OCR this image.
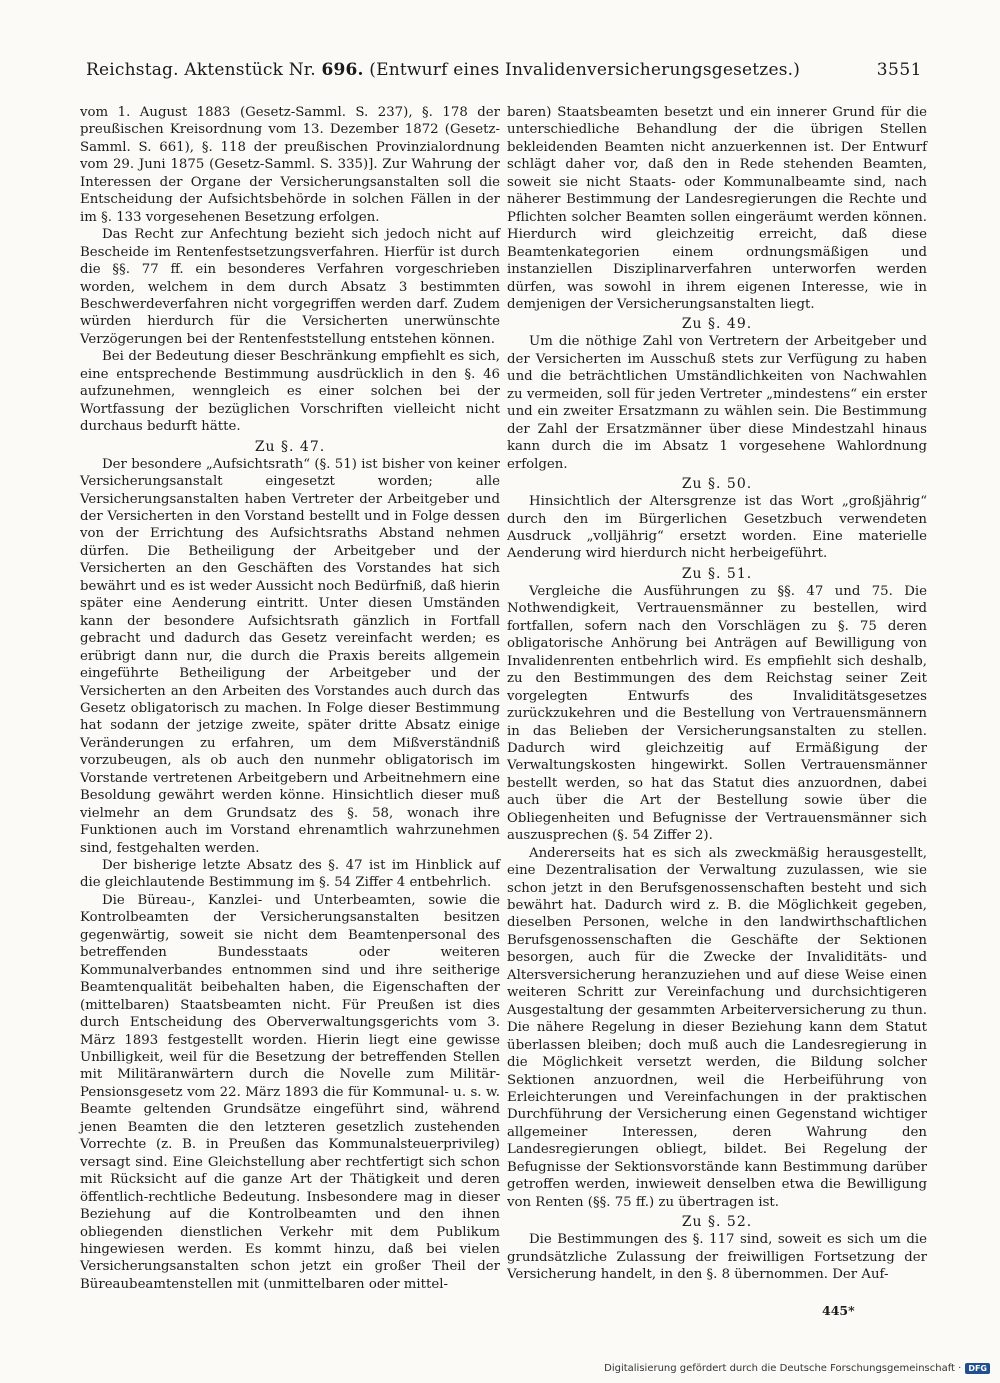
Reichstag. Aktenstück Nr. 696. (Entwurf eines Invalidenversicherungsgesetzes.)	3551

vom 1. August 1883 (Gesetz-Samml. S. 237), §. 178 der preußischen Kreisordnung vom 13. Dezember 1872 (Gesetz-Samml. S. 661), §. 118 der preußischen Provinzialordnung vom 29. Juni 1875 (Gesetz-Samml. S. 335)]. Zur Wahrung der Interessen der Organe der Versicherungsanstalten soll die Entscheidung der Aufsichtsbehörde in solchen Fällen in der im §. 133 vorgesehenen Besetzung erfolgen.

Das Recht zur Anfechtung bezieht sich jedoch nicht auf Bescheide im Rentenfestsetzungsverfahren. Hierfür ist durch die §§. 77 ff. ein besonderes Verfahren vorgeschrieben worden, welchem in dem durch Absatz 3 bestimmten Beschwerdeverfahren nicht vorgegriffen werden darf. Zudem würden hierdurch für die Versicherten unerwünschte Verzögerungen bei der Rentenfeststellung entstehen können.

Bei der Bedeutung dieser Beschränkung empfiehlt es sich, eine entsprechende Bestimmung ausdrücklich in den §. 46 aufzunehmen, wenngleich es einer solchen bei der Wortfassung der bezüglichen Vorschriften vielleicht nicht durchaus bedurft hätte.

Zu §. 47.

Der besondere „Aufsichtsrath“ (§. 51) ist bisher von keiner Versicherungsanstalt eingesetzt worden; alle Versicherungsanstalten haben Vertreter der Arbeitgeber und der Versicherten in den Vorstand bestellt und in Folge dessen von der Errichtung des Aufsichtsraths Abstand nehmen dürfen. Die Betheiligung der Arbeitgeber und der Versicherten an den Geschäften des Vorstandes hat sich bewährt und es ist weder Aussicht noch Bedürfniß, daß hierin später eine Aenderung eintritt. Unter diesen Umständen kann der besondere Aufsichtsrath gänzlich in Fortfall gebracht und dadurch das Gesetz vereinfacht werden; es erübrigt dann nur, die durch die Praxis bereits allgemein eingeführte Betheiligung der Arbeitgeber und der Versicherten an den Arbeiten des Vorstandes auch durch das Gesetz obligatorisch zu machen. In Folge dieser Bestimmung hat sodann der jetzige zweite, später dritte Absatz einige Veränderungen zu erfahren, um dem Mißverständniß vorzubeugen, als ob auch den nunmehr obligatorisch im Vorstande vertretenen Arbeitgebern und Arbeitnehmern eine Besoldung gewährt werden könne. Hinsichtlich dieser muß vielmehr an dem Grundsatz des §. 58, wonach ihre Funktionen auch im Vorstand ehrenamtlich wahrzunehmen sind, festgehalten werden.

Der bisherige letzte Absatz des §. 47 ist im Hinblick auf die gleichlautende Bestimmung im §. 54 Ziffer 4 entbehrlich.

Die Büreau-, Kanzlei- und Unterbeamten, sowie die Kontrolbeamten der Versicherungsanstalten besitzen gegenwärtig, soweit sie nicht dem Beamtenpersonal des betreffenden Bundesstaats oder weiteren Kommunalverbandes entnommen sind und ihre seitherige Beamtenqualität beibehalten haben, die Eigenschaften der (mittelbaren) Staatsbeamten nicht. Für Preußen ist dies durch Entscheidung des Oberverwaltungsgerichts vom 3. März 1893 festgestellt worden. Hierin liegt eine gewisse Unbilligkeit, weil für die Besetzung der betreffenden Stellen mit Militäranwärtern durch die Novelle zum Militär-Pensionsgesetz vom 22. März 1893 die für Kommunal- u. s. w. Beamte geltenden Grundsätze eingeführt sind, während jenen Beamten die den letzteren gesetzlich zustehenden Vorrechte (z. B. in Preußen das Kommunalsteuerprivileg) versagt sind. Eine Gleichstellung aber rechtfertigt sich schon mit Rücksicht auf die ganze Art der Thätigkeit und deren öffentlich-rechtliche Bedeutung. Insbesondere mag in dieser Beziehung auf die Kontrolbeamten und den ihnen obliegenden dienstlichen Verkehr mit dem Publikum hingewiesen werden. Es kommt hinzu, daß bei vielen Versicherungsanstalten schon jetzt ein großer Theil der Büreaubeamtenstellen mit (unmittelbaren oder mittel-

baren) Staatsbeamten besetzt und ein innerer Grund für die unterschiedliche Behandlung der die übrigen Stellen bekleidenden Beamten nicht anzuerkennen ist. Der Entwurf schlägt daher vor, daß den in Rede stehenden Beamten, soweit sie nicht Staats- oder Kommunalbeamte sind, nach näherer Bestimmung der Landesregierungen die Rechte und Pflichten solcher Beamten sollen eingeräumt werden können. Hierdurch wird gleichzeitig erreicht, daß diese Beamtenkategorien einem ordnungsmäßigen und instanziellen Disziplinarverfahren unterworfen werden dürfen, was sowohl in ihrem eigenen Interesse, wie in demjenigen der Versicherungsanstalten liegt.

Zu §. 49.

Um die nöthige Zahl von Vertretern der Arbeitgeber und der Versicherten im Ausschuß stets zur Verfügung zu haben und die beträchtlichen Umständlichkeiten von Nachwahlen zu vermeiden, soll für jeden Vertreter „mindestens“ ein erster und ein zweiter Ersatzmann zu wählen sein. Die Bestimmung der Zahl der Ersatzmänner über diese Mindestzahl hinaus kann durch die im Absatz 1 vorgesehene Wahlordnung erfolgen.

Zu §. 50.

Hinsichtlich der Altersgrenze ist das Wort „großjährig“ durch den im Bürgerlichen Gesetzbuch verwendeten Ausdruck „volljährig“ ersetzt worden. Eine materielle Aenderung wird hierdurch nicht herbeigeführt.

Zu §. 51.

Vergleiche die Ausführungen zu §§. 47 und 75. Die Nothwendigkeit, Vertrauensmänner zu bestellen, wird fortfallen, sofern nach den Vorschlägen zu §. 75 deren obligatorische Anhörung bei Anträgen auf Bewilligung von Invalidenrenten entbehrlich wird. Es empfiehlt sich deshalb, zu den Bestimmungen des dem Reichstag seiner Zeit vorgelegten Entwurfs des Invaliditätsgesetzes zurückzukehren und die Bestellung von Vertrauensmännern in das Belieben der Versicherungsanstalten zu stellen. Dadurch wird gleichzeitig auf Ermäßigung der Verwaltungskosten hingewirkt. Sollen Vertrauensmänner bestellt werden, so hat das Statut dies anzuordnen, dabei auch über die Art der Bestellung sowie über die Obliegenheiten und Befugnisse der Vertrauensmänner sich auszusprechen (§. 54 Ziffer 2).

Andererseits hat es sich als zweckmäßig herausgestellt, eine Dezentralisation der Verwaltung zuzulassen, wie sie schon jetzt in den Berufsgenossenschaften besteht und sich bewährt hat. Dadurch wird z. B. die Möglichkeit gegeben, dieselben Personen, welche in den landwirthschaftlichen Berufsgenossenschaften die Geschäfte der Sektionen besorgen, auch für die Zwecke der Invaliditäts- und Altersversicherung heranzuziehen und auf diese Weise einen weiteren Schritt zur Vereinfachung und durchsichtigeren Ausgestaltung der gesammten Arbeiterversicherung zu thun. Die nähere Regelung in dieser Beziehung kann dem Statut überlassen bleiben; doch muß auch die Landesregierung in die Möglichkeit versetzt werden, die Bildung solcher Sektionen anzuordnen, weil die Herbeiführung von Erleichterungen und Vereinfachungen in der praktischen Durchführung der Versicherung einen Gegenstand wichtiger allgemeiner Interessen, deren Wahrung den Landesregierungen obliegt, bildet. Bei Regelung der Befugnisse der Sektionsvorstände kann Bestimmung darüber getroffen werden, inwieweit denselben etwa die Bewilligung von Renten (§§. 75 ff.) zu übertragen ist.

Zu §. 52.

Die Bestimmungen des §. 117 sind, soweit es sich um die grundsätzliche Zulassung der freiwilligen Fortsetzung der Versicherung handelt, in den §. 8 übernommen. Der Auf-

445*
Digitalisierung gefördert durch die Deutsche Forschungsgemeinschaft · DFG
